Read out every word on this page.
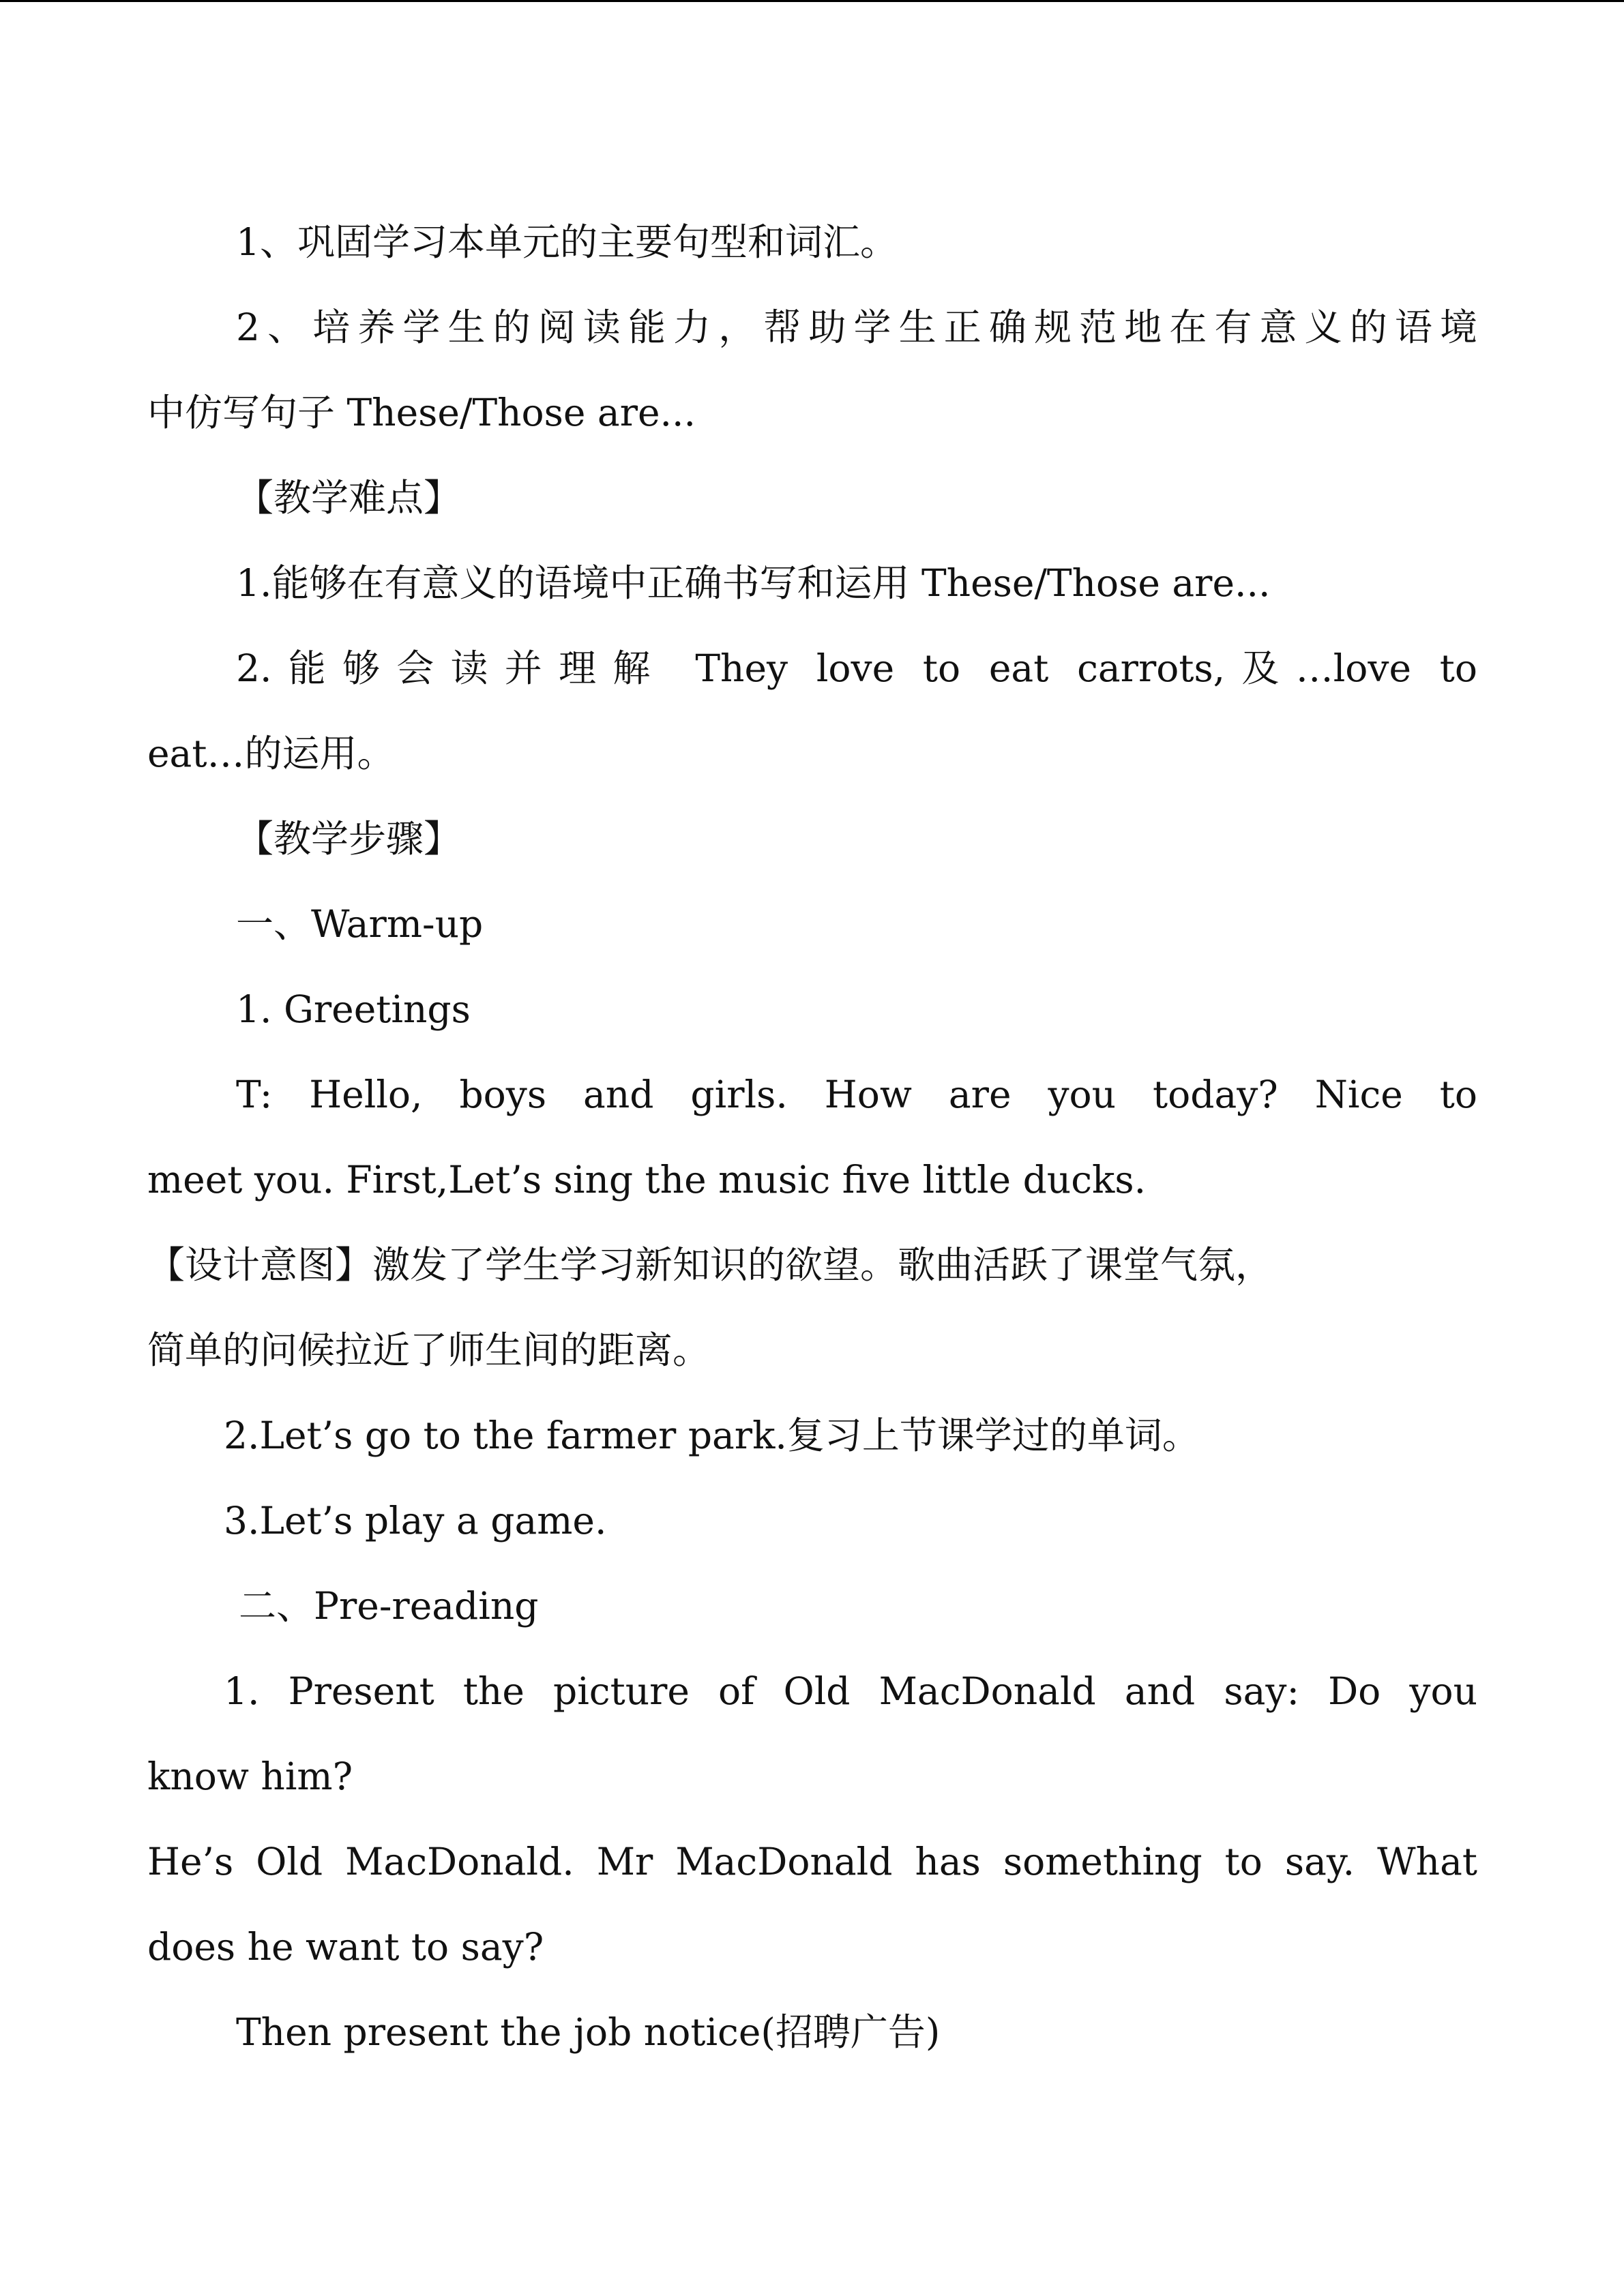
1、巩固学习本单元的主要句型和词汇。
2、培养学生的阅读能力，帮助学生正确规范地在有意义的语境
中仿写句子 These/Those are...
【教学难点】
1.能够在有意义的语境中正确书写和运用 These/Those are...
2.能够会读并理解 They love to eat carrots,及…love to
eat…的运用。
【教学步骤】
一、Warm-up
1. Greetings
T: Hello, boys and girls. How are you today? Nice to
meet you. First,Let’s sing the music five little ducks.
【设计意图】激发了学生学习新知识的欲望。歌曲活跃了课堂气氛，
简单的问候拉近了师生间的距离。
2.Let’s go to the farmer park.复习上节课学过的单词。
3.Let’s play a game.
二、Pre-reading
1. Present the picture of Old MacDonald and say: Do you
know him?
He’s Old MacDonald. Mr MacDonald has something to say. What
does he want to say?
Then present the job notice(招聘广告)
